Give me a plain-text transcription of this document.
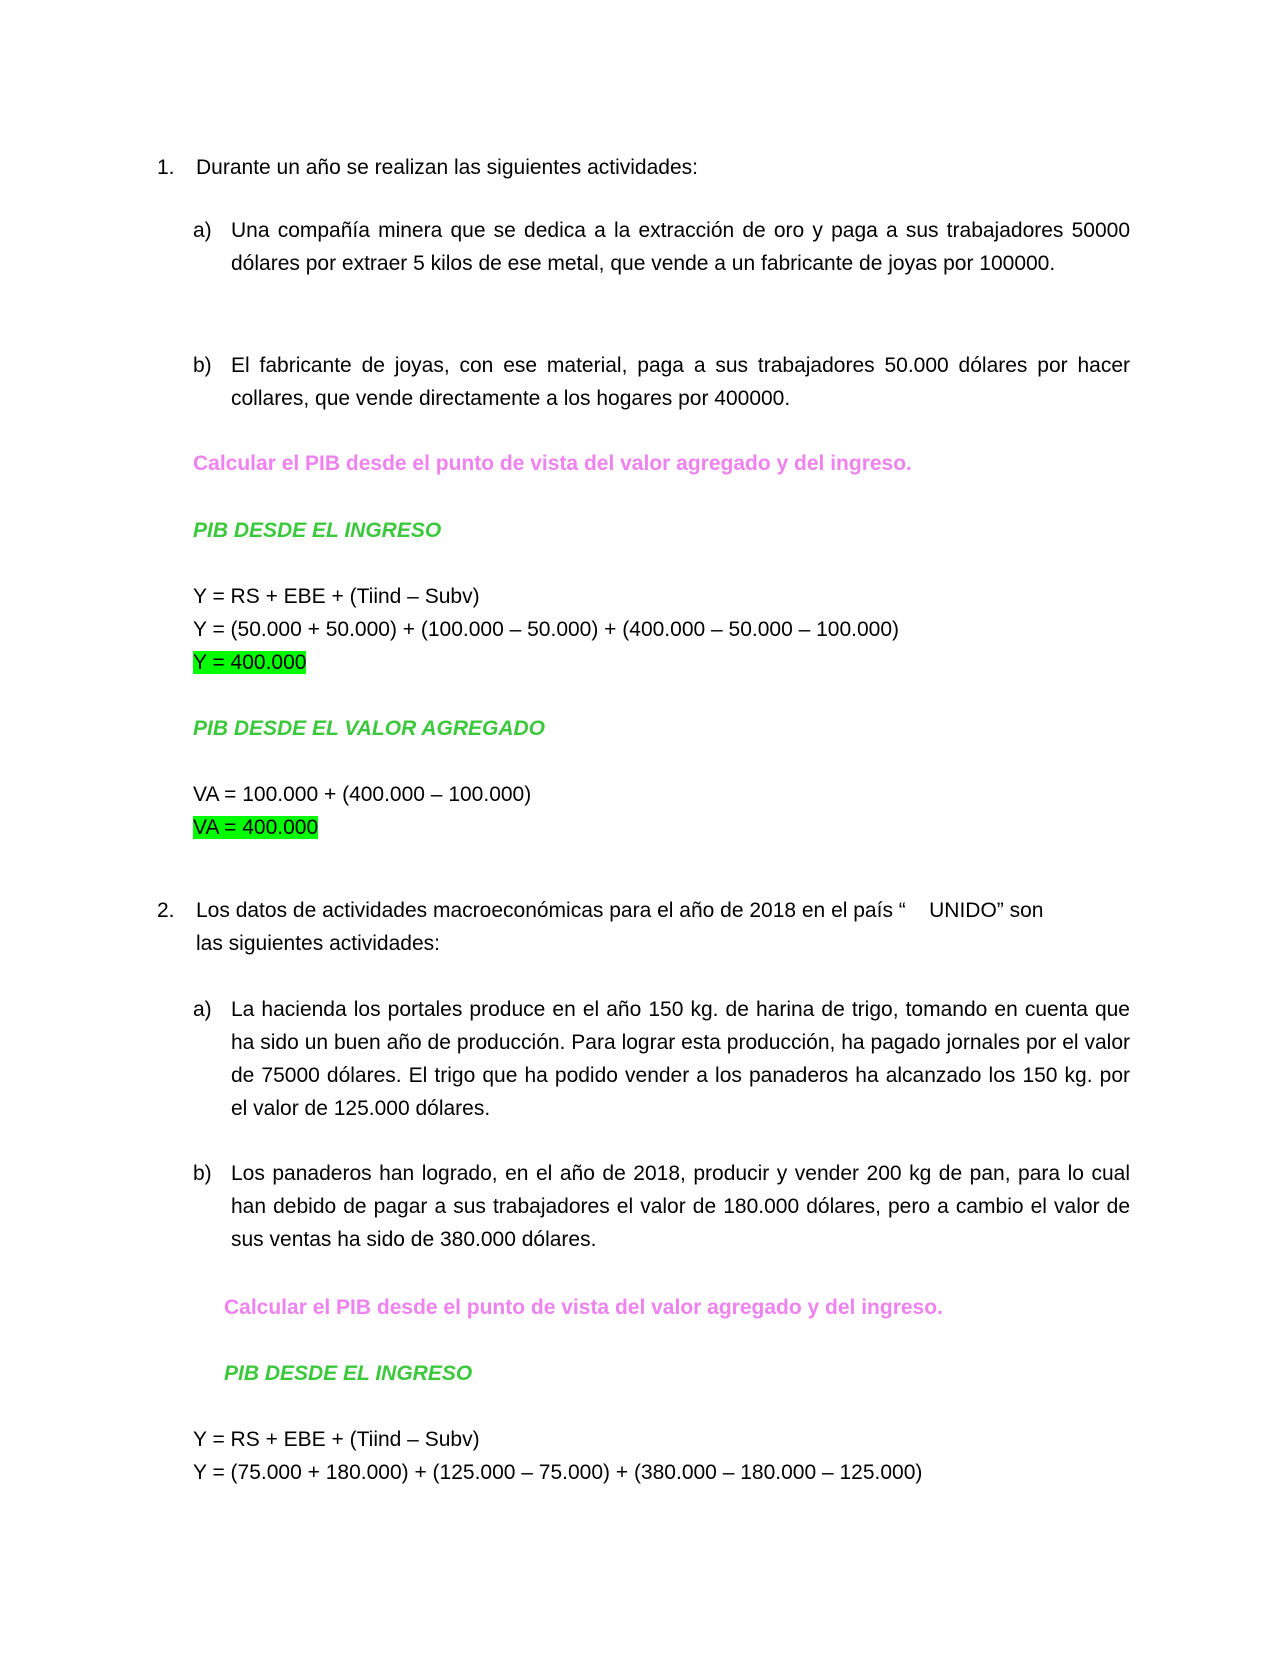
1. Durante un año se realizan las siguientes actividades:
a) Una compañía minera que se dedica a la extracción de oro y paga a sus trabajadores 50000 dólares por extraer 5 kilos de ese metal, que vende a un fabricante de joyas por 100000.
b) El fabricante de joyas, con ese material, paga a sus trabajadores 50.000 dólares por hacer collares, que vende directamente a los hogares por 400000.
Calcular el PIB desde el punto de vista del valor agregado y del ingreso.
PIB DESDE EL INGRESO
Y = RS + EBE + (Tiind – Subv)
Y = (50.000 + 50.000) + (100.000 – 50.000) + (400.000 – 50.000 – 100.000)
Y = 400.000
PIB DESDE EL VALOR AGREGADO
VA = 100.000 + (400.000 – 100.000)
VA = 400.000
2. Los datos de actividades macroeconómicas para el año de 2018 en el país “    UNIDO” son
las siguientes actividades:
a) La hacienda los portales produce en el año 150 kg. de harina de trigo, tomando en cuenta que ha sido un buen año de producción. Para lograr esta producción, ha pagado jornales por el valor de 75000 dólares. El trigo que ha podido vender a los panaderos ha alcanzado los 150 kg. por el valor de 125.000 dólares.
b) Los panaderos han logrado, en el año de 2018, producir y vender 200 kg de pan, para lo cual han debido de pagar a sus trabajadores el valor de 180.000 dólares, pero a cambio el valor de sus ventas ha sido de 380.000 dólares.
Calcular el PIB desde el punto de vista del valor agregado y del ingreso.
PIB DESDE EL INGRESO
Y = RS + EBE + (Tiind – Subv)
Y = (75.000 + 180.000) + (125.000 – 75.000) + (380.000 – 180.000 – 125.000)
